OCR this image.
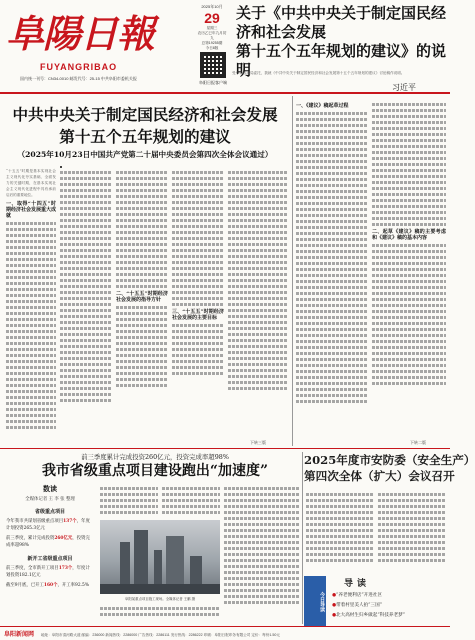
阜陽日報
FUYANGRIBAO
国内统一刊号：CN34-0010 邮发代号：25-15 中共阜阳市委机关报
2025年10月
29
星期三
农历乙巳年九月初九
总第19255期
今日8版
阜阳日报客户端
关于《中共中央关于制定国民经济和社会发展
第十五个五年规划的建议》的说明
习近平

受中央政治局委托，我就《中共中央关于制定国民经济和社会发展第十五个五年规划的建议》讨论稿作说明。

中共中央关于制定国民经济和社会发展
第十五个五年规划的建议
（2025年10月23日中国共产党第二十届中央委员会第四次全体会议通过）

“十五五”时期是基本实现社会主义现代化夯实基础、全面发力的关键时期，在基本实现社会主义现代化进程中具有承前启后的重要地位。

一、取得“十四五”时期经济社会发展重大成就
二、“十五五”时期经济社会发展的指导方针
三、“十五五”时期经济社会发展的主要目标
下转三版
一、《建议》稿起草过程
二、起草《建议》稿的主要考虑和《建议》稿的基本内容
下转二版
前三季度累计完成投资260亿元，投资完成率超98%
我市省级重点项目建设跑出“加速度”
数读
全媒体记者 王 李 张 整理
省级重点项目
今年我市共谋划省级重点项目137个，年度计划投资265.3亿元
前三季度，累计完成投资260亿元，投资完成率超98%
新开工省级重点项目
前三季度，全市新开工项目173个，年度计划投资182.1亿元
截至9月底，已开工160个，开工率92.5%
阜阳某重点项目施工现场。全媒体记者 王鹏 摄
2025年度市安防委（安全生产）
第四次全体（扩大）会议召开
今日导读
导读
●“养老便利店”开进社区
●带着村里美人拍“三国”
●北大高材生归乡做起“科技养老梦”
阜阳新闻网 地址：阜阳市清河路大道 邮编：236000 新闻热线：2286000 广告热线：2286111 发行热线：2286222 印刷：阜阳日报印务有限公司 定价：每份1.50元
